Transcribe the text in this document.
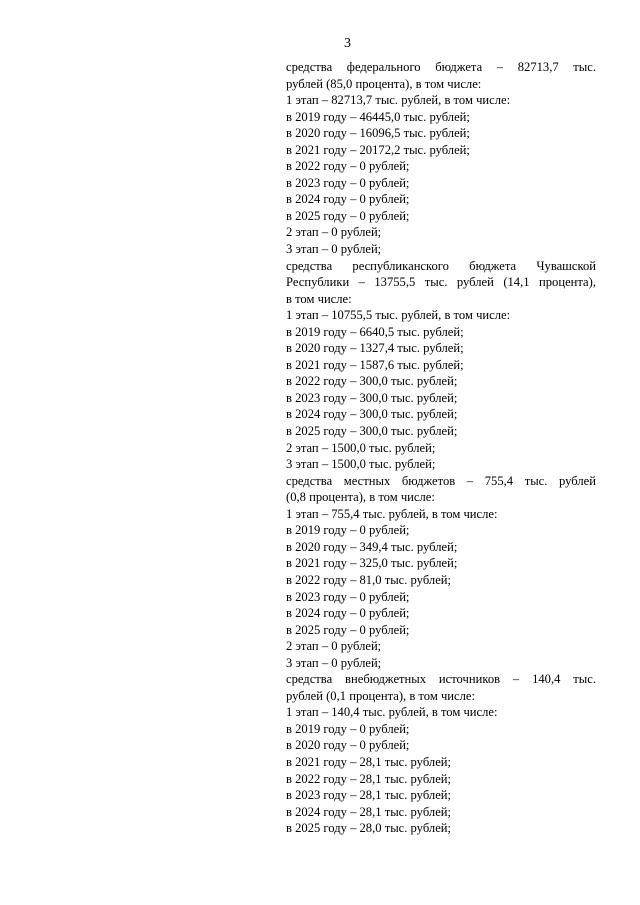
3
средства федерального бюджета – 82713,7 тыс.
рублей (85,0 процента), в том числе:
1 этап – 82713,7 тыс. рублей, в том числе:
в 2019 году – 46445,0 тыс. рублей;
в 2020 году – 16096,5 тыс. рублей;
в 2021 году – 20172,2 тыс. рублей;
в 2022 году – 0 рублей;
в 2023 году – 0 рублей;
в 2024 году – 0 рублей;
в 2025 году – 0 рублей;
2 этап – 0 рублей;
3 этап – 0 рублей;
средства республиканского бюджета Чувашской
Республики – 13755,5 тыс. рублей (14,1 процента),
в том числе:
1 этап – 10755,5 тыс. рублей, в том числе:
в 2019 году – 6640,5 тыс. рублей;
в 2020 году – 1327,4 тыс. рублей;
в 2021 году – 1587,6 тыс. рублей;
в 2022 году – 300,0 тыс. рублей;
в 2023 году – 300,0 тыс. рублей;
в 2024 году – 300,0 тыс. рублей;
в 2025 году – 300,0 тыс. рублей;
2 этап – 1500,0 тыс. рублей;
3 этап – 1500,0 тыс. рублей;
средства местных бюджетов – 755,4 тыс. рублей
(0,8 процента), в том числе:
1 этап – 755,4 тыс. рублей, в том числе:
в 2019 году – 0 рублей;
в 2020 году – 349,4 тыс. рублей;
в 2021 году – 325,0 тыс. рублей;
в 2022 году – 81,0 тыс. рублей;
в 2023 году – 0 рублей;
в 2024 году – 0 рублей;
в 2025 году – 0 рублей;
2 этап – 0 рублей;
3 этап – 0 рублей;
средства внебюджетных источников – 140,4 тыс.
рублей (0,1 процента), в том числе:
1 этап – 140,4 тыс. рублей, в том числе:
в 2019 году – 0 рублей;
в 2020 году – 0 рублей;
в 2021 году – 28,1 тыс. рублей;
в 2022 году – 28,1 тыс. рублей;
в 2023 году – 28,1 тыс. рублей;
в 2024 году – 28,1 тыс. рублей;
в 2025 году – 28,0 тыс. рублей;
